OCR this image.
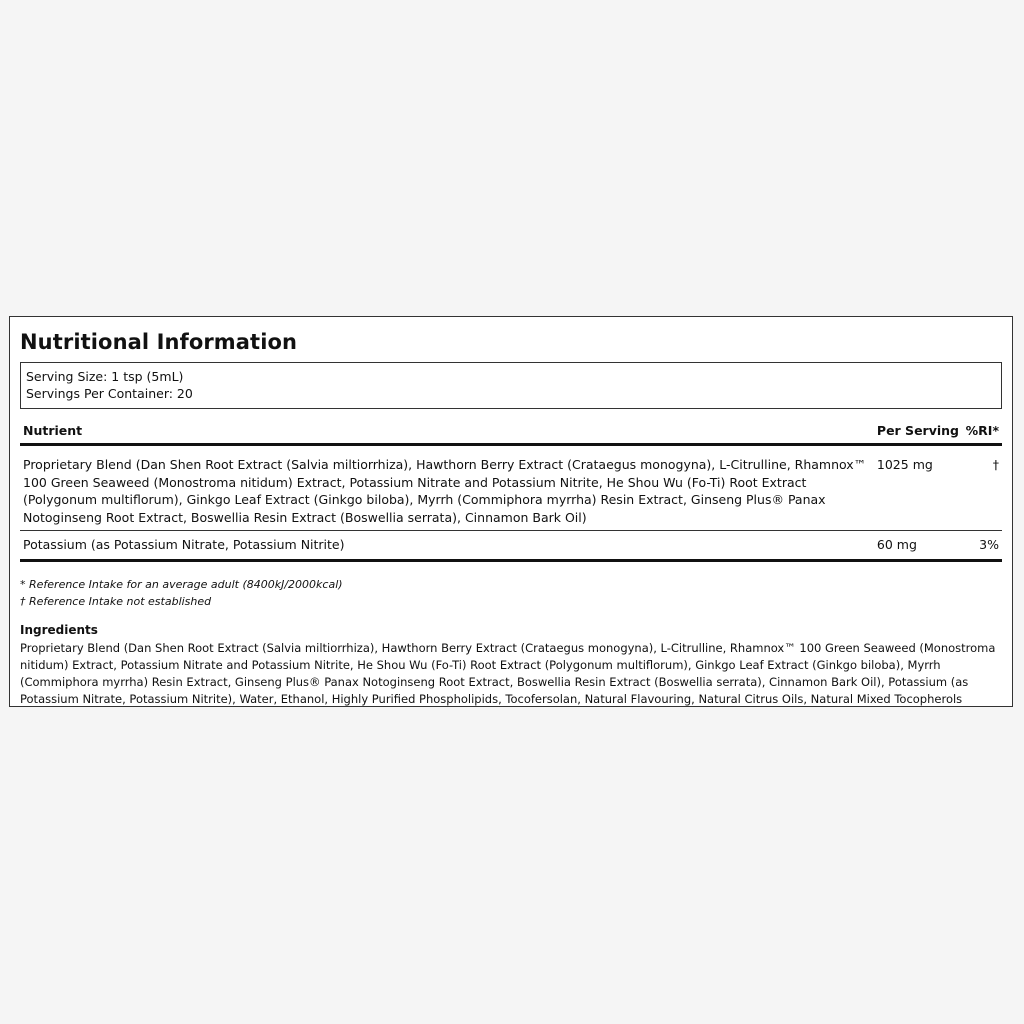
Nutritional Information
Serving Size: 1 tsp (5mL)
Servings Per Container: 20
Nutrient	Per Serving	%RI*
Proprietary Blend (Dan Shen Root Extract (Salvia miltiorrhiza), Hawthorn Berry Extract (Crataegus monogyna), L-Citrulline, Rhamnox™ 100 Green Seaweed (Monostroma nitidum) Extract, Potassium Nitrate and Potassium Nitrite, He Shou Wu (Fo-Ti) Root Extract (Polygonum multiflorum), Ginkgo Leaf Extract (Ginkgo biloba), Myrrh (Commiphora myrrha) Resin Extract, Ginseng Plus® Panax Notoginseng Root Extract, Boswellia Resin Extract (Boswellia serrata), Cinnamon Bark Oil)	1025 mg	†
Potassium (as Potassium Nitrate, Potassium Nitrite)	60 mg	3%
* Reference Intake for an average adult (8400kJ/2000kcal)
† Reference Intake not established
Ingredients
Proprietary Blend (Dan Shen Root Extract (Salvia miltiorrhiza), Hawthorn Berry Extract (Crataegus monogyna), L-Citrulline, Rhamnox™ 100 Green Seaweed (Monostroma nitidum) Extract, Potassium Nitrate and Potassium Nitrite, He Shou Wu (Fo-Ti) Root Extract (Polygonum multiflorum), Ginkgo Leaf Extract (Ginkgo biloba), Myrrh (Commiphora myrrha) Resin Extract, Ginseng Plus® Panax Notoginseng Root Extract, Boswellia Resin Extract (Boswellia serrata), Cinnamon Bark Oil), Potassium (as Potassium Nitrate, Potassium Nitrite), Water, Ethanol, Highly Purified Phospholipids, Tocofersolan, Natural Flavouring, Natural Citrus Oils, Natural Mixed Tocopherols
